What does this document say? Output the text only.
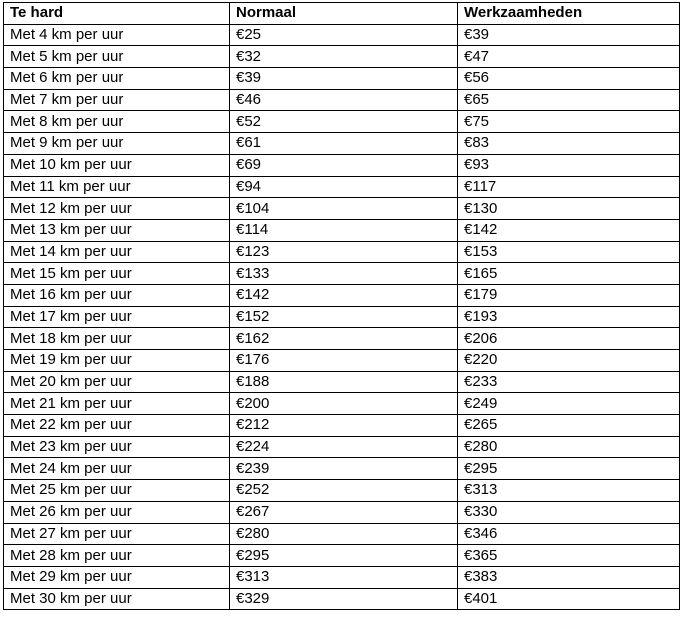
Te hard	Normaal	Werkzaamheden
Met 4 km per uur	€25	€39
Met 5 km per uur	€32	€47
Met 6 km per uur	€39	€56
Met 7 km per uur	€46	€65
Met 8 km per uur	€52	€75
Met 9 km per uur	€61	€83
Met 10 km per uur	€69	€93
Met 11 km per uur	€94	€117
Met 12 km per uur	€104	€130
Met 13 km per uur	€114	€142
Met 14 km per uur	€123	€153
Met 15 km per uur	€133	€165
Met 16 km per uur	€142	€179
Met 17 km per uur	€152	€193
Met 18 km per uur	€162	€206
Met 19 km per uur	€176	€220
Met 20 km per uur	€188	€233
Met 21 km per uur	€200	€249
Met 22 km per uur	€212	€265
Met 23 km per uur	€224	€280
Met 24 km per uur	€239	€295
Met 25 km per uur	€252	€313
Met 26 km per uur	€267	€330
Met 27 km per uur	€280	€346
Met 28 km per uur	€295	€365
Met 29 km per uur	€313	€383
Met 30 km per uur	€329	€401
